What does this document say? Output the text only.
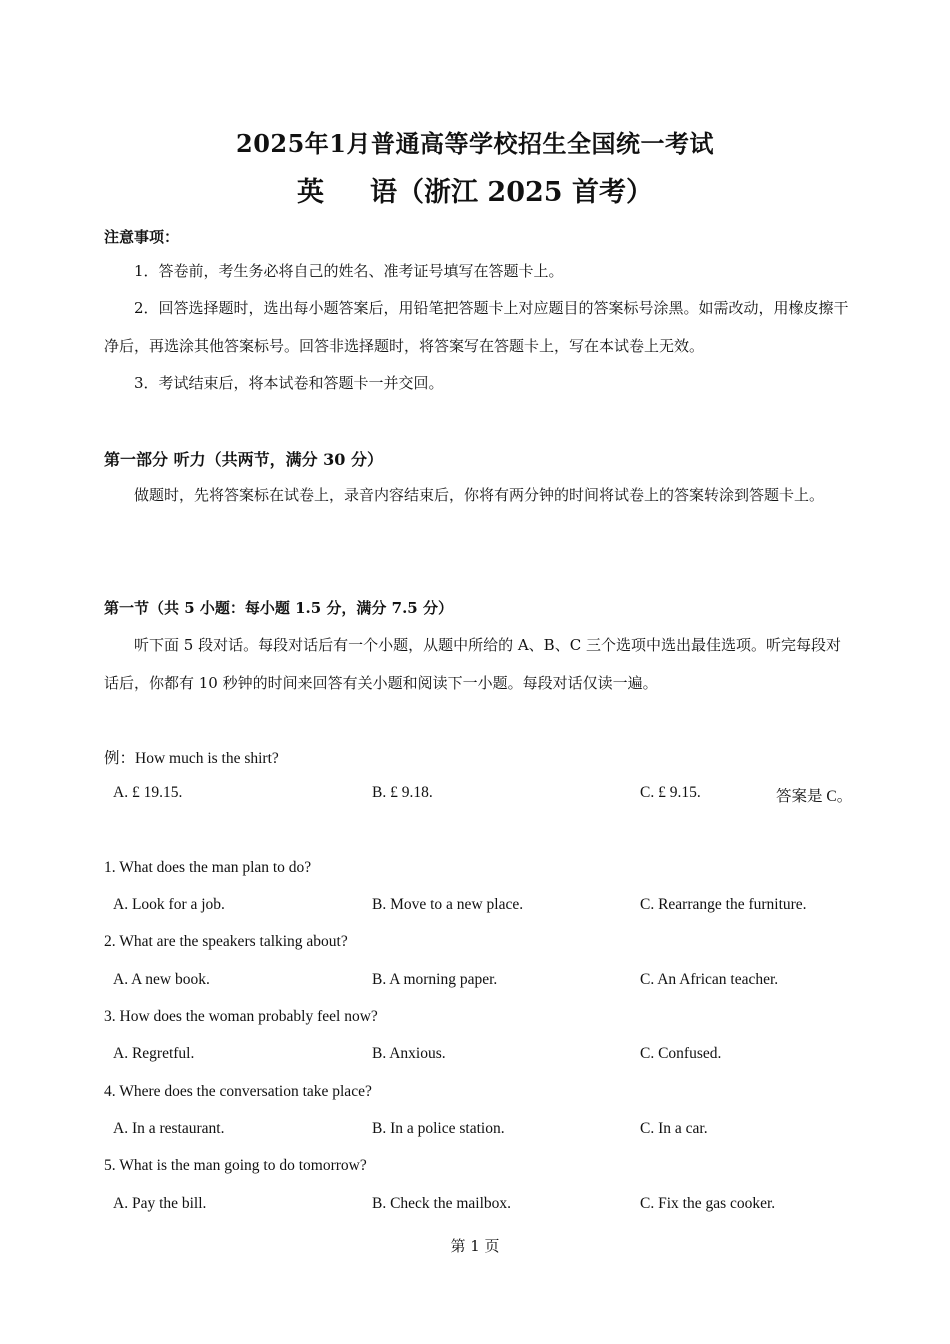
2025年1月普通高等学校招生全国统一考试
英 语（浙江 2025 首考）
注意事项：
1．答卷前，考生务必将自己的姓名、准考证号填写在答题卡上。
2．回答选择题时，选出每小题答案后，用铅笔把答题卡上对应题目的答案标号涂黑。如需改动，用橡皮擦干净后，再选涂其他答案标号。回答非选择题时，将答案写在答题卡上，写在本试卷上无效。
3．考试结束后，将本试卷和答题卡一并交回。
第一部分 听力（共两节，满分 30 分）
做题时，先将答案标在试卷上，录音内容结束后，你将有两分钟的时间将试卷上的答案转涂到答题卡上。
第一节（共 5 小题：每小题 1.5 分，满分 7.5 分）
听下面 5 段对话。每段对话后有一个小题，从题中所给的 A、B、C 三个选项中选出最佳选项。听完每段对话后，你都有 10 秒钟的时间来回答有关小题和阅读下一小题。每段对话仅读一遍。
例：How much is the shirt?
A. £ 19.15.	B. £ 9.18.	C. £ 9.15.	答案是 C。
1. What does the man plan to do?
A. Look for a job.	B. Move to a new place.	C. Rearrange the furniture.
2. What are the speakers talking about?
A. A new book.	B. A morning paper.	C. An African teacher.
3. How does the woman probably feel now?
A. Regretful.	B. Anxious.	C. Confused.
4. Where does the conversation take place?
A. In a restaurant.	B. In a police station.	C. In a car.
5. What is the man going to do tomorrow?
A. Pay the bill.	B. Check the mailbox.	C. Fix the gas cooker.
第 1 页
